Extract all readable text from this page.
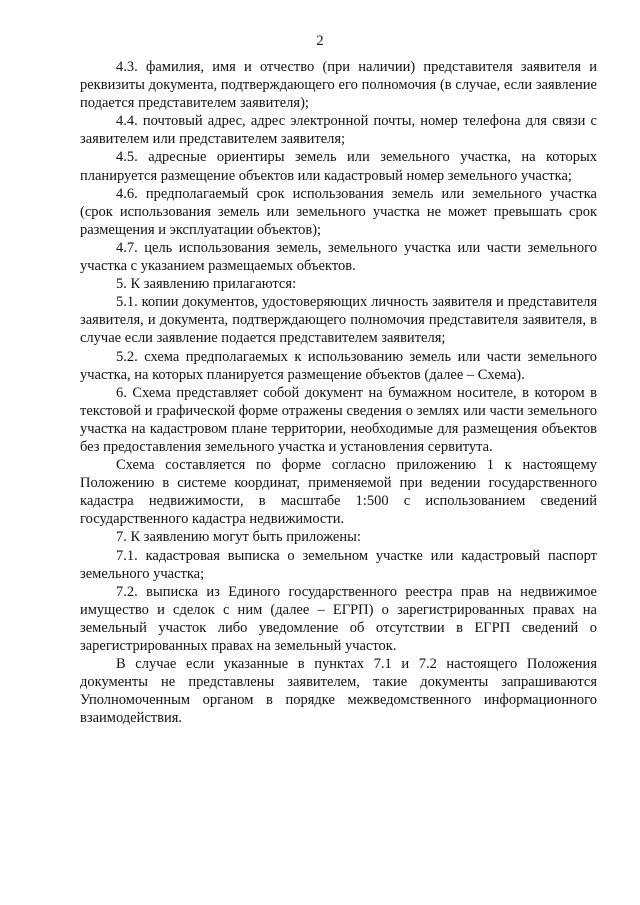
2

4.3. фамилия, имя и отчество (при наличии) представителя заявителя и реквизиты документа, подтверждающего его полномочия (в случае, если заявление подается представителем заявителя);

4.4. почтовый адрес, адрес электронной почты, номер телефона для связи с заявителем или представителем заявителя;

4.5. адресные ориентиры земель или земельного участка, на которых планируется размещение объектов или кадастровый номер земельного участка;

4.6. предполагаемый срок использования земель или земельного участка (срок использования земель или земельного участка не может превышать срок размещения и эксплуатации объектов);

4.7. цель использования земель, земельного участка или части земельного участка с указанием размещаемых объектов.

5. К заявлению прилагаются:

5.1. копии документов, удостоверяющих личность заявителя и представителя заявителя, и документа, подтверждающего полномочия представителя заявителя, в случае если заявление подается представителем заявителя;

5.2. схема предполагаемых к использованию земель или части земельного участка, на которых планируется размещение объектов (далее – Схема).

6. Схема представляет собой документ на бумажном носителе, в котором в текстовой и графической форме отражены сведения о землях или части земельного участка на кадастровом плане территории, необходимые для размещения объектов без предоставления земельного участка и установления сервитута.

Схема составляется по форме согласно приложению 1 к настоящему Положению в системе координат, применяемой при ведении государственного кадастра недвижимости, в масштабе 1:500 с использованием сведений государственного кадастра недвижимости.

7. К заявлению могут быть приложены:

7.1. кадастровая выписка о земельном участке или кадастровый паспорт земельного участка;

7.2. выписка из Единого государственного реестра прав на недвижимое имущество и сделок с ним (далее – ЕГРП) о зарегистрированных правах на земельный участок либо уведомление об отсутствии в ЕГРП сведений о зарегистрированных правах на земельный участок.

В случае если указанные в пунктах 7.1 и 7.2 настоящего Положения документы не представлены заявителем, такие документы запрашиваются Уполномоченным органом в порядке межведомственного информационного взаимодействия.
